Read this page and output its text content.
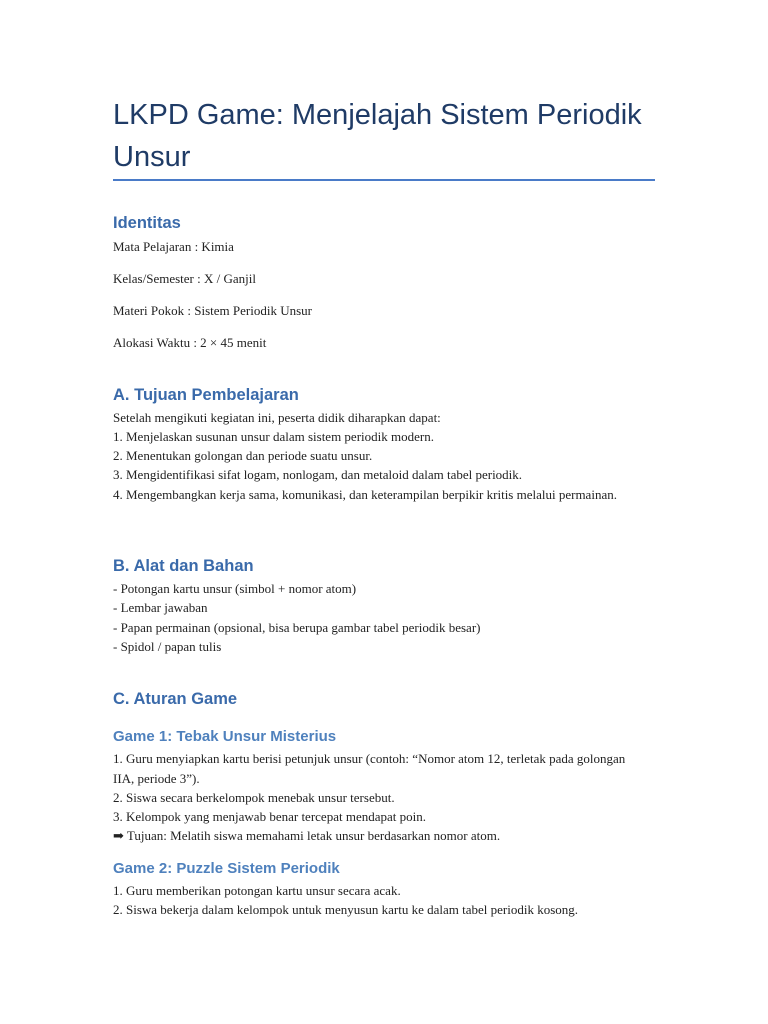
LKPD Game: Menjelajah Sistem Periodik Unsur
Identitas

Mata Pelajaran : Kimia

Kelas/Semester : X / Ganjil

Materi Pokok : Sistem Periodik Unsur

Alokasi Waktu : 2 × 45 menit

A. Tujuan Pembelajaran

Setelah mengikuti kegiatan ini, peserta didik diharapkan dapat:

1. Menjelaskan susunan unsur dalam sistem periodik modern.

2. Menentukan golongan dan periode suatu unsur.

3. Mengidentifikasi sifat logam, nonlogam, dan metaloid dalam tabel periodik.

4. Mengembangkan kerja sama, komunikasi, dan keterampilan berpikir kritis melalui permainan.

B. Alat dan Bahan

- Potongan kartu unsur (simbol + nomor atom)

- Lembar jawaban

- Papan permainan (opsional, bisa berupa gambar tabel periodik besar)

- Spidol / papan tulis

C. Aturan Game
Game 1: Tebak Unsur Misterius

1. Guru menyiapkan kartu berisi petunjuk unsur (contoh: “Nomor atom 12, terletak pada golongan IIA, periode 3”).

2. Siswa secara berkelompok menebak unsur tersebut.

3. Kelompok yang menjawab benar tercepat mendapat poin.

➡ Tujuan: Melatih siswa memahami letak unsur berdasarkan nomor atom.

Game 2: Puzzle Sistem Periodik

1. Guru memberikan potongan kartu unsur secara acak.

2. Siswa bekerja dalam kelompok untuk menyusun kartu ke dalam tabel periodik kosong.
